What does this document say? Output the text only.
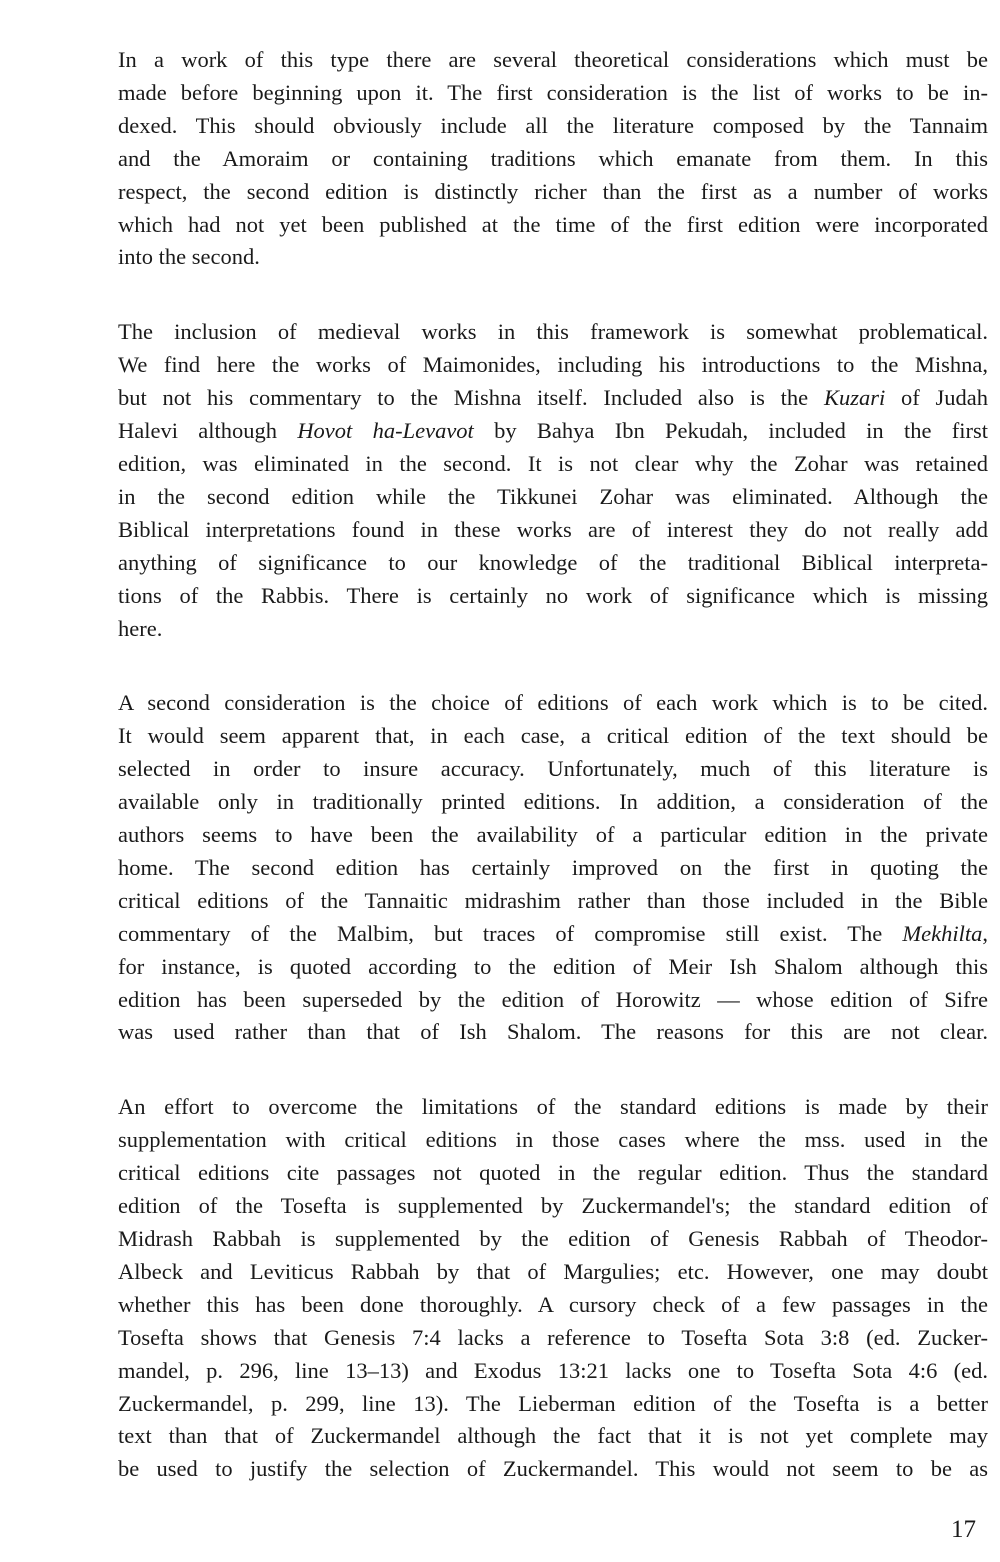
In a work of this type there are several theoretical considerations which must be
made before beginning upon it. The first consideration is the list of works to be in-
dexed. This should obviously include all the literature composed by the Tannaim
and the Amoraim or containing traditions which emanate from them. In this
respect, the second edition is distinctly richer than the first as a number of works
which had not yet been published at the time of the first edition were incorporated
into the second.

The inclusion of medieval works in this framework is somewhat problematical.
We find here the works of Maimonides, including his introductions to the Mishna,
but not his commentary to the Mishna itself. Included also is the Kuzari of Judah
Halevi although Hovot ha-Levavot by Bahya Ibn Pekudah, included in the first
edition, was eliminated in the second. It is not clear why the Zohar was retained
in the second edition while the Tikkunei Zohar was eliminated. Although the
Biblical interpretations found in these works are of interest they do not really add
anything of significance to our knowledge of the traditional Biblical interpreta-
tions of the Rabbis. There is certainly no work of significance which is missing
here.

A second consideration is the choice of editions of each work which is to be cited.
It would seem apparent that, in each case, a critical edition of the text should be
selected in order to insure accuracy. Unfortunately, much of this literature is
available only in traditionally printed editions. In addition, a consideration of the
authors seems to have been the availability of a particular edition in the private
home. The second edition has certainly improved on the first in quoting the
critical editions of the Tannaitic midrashim rather than those included in the Bible
commentary of the Malbim, but traces of compromise still exist. The Mekhilta,
for instance, is quoted according to the edition of Meir Ish Shalom although this
edition has been superseded by the edition of Horowitz — whose edition of Sifre
was used rather than that of Ish Shalom. The reasons for this are not clear.

An effort to overcome the limitations of the standard editions is made by their
supplementation with critical editions in those cases where the mss. used in the
critical editions cite passages not quoted in the regular edition. Thus the standard
edition of the Tosefta is supplemented by Zuckermandel's; the standard edition of
Midrash Rabbah is supplemented by the edition of Genesis Rabbah of Theodor-
Albeck and Leviticus Rabbah by that of Margulies; etc. However, one may doubt
whether this has been done thoroughly. A cursory check of a few passages in the
Tosefta shows that Genesis 7:4 lacks a reference to Tosefta Sota 3:8 (ed. Zucker-
mandel, p. 296, line 13–13) and Exodus 13:21 lacks one to Tosefta Sota 4:6 (ed.
Zuckermandel, p. 299, line 13). The Lieberman edition of the Tosefta is a better
text than that of Zuckermandel although the fact that it is not yet complete may
be used to justify the selection of Zuckermandel. This would not seem to be as

17
